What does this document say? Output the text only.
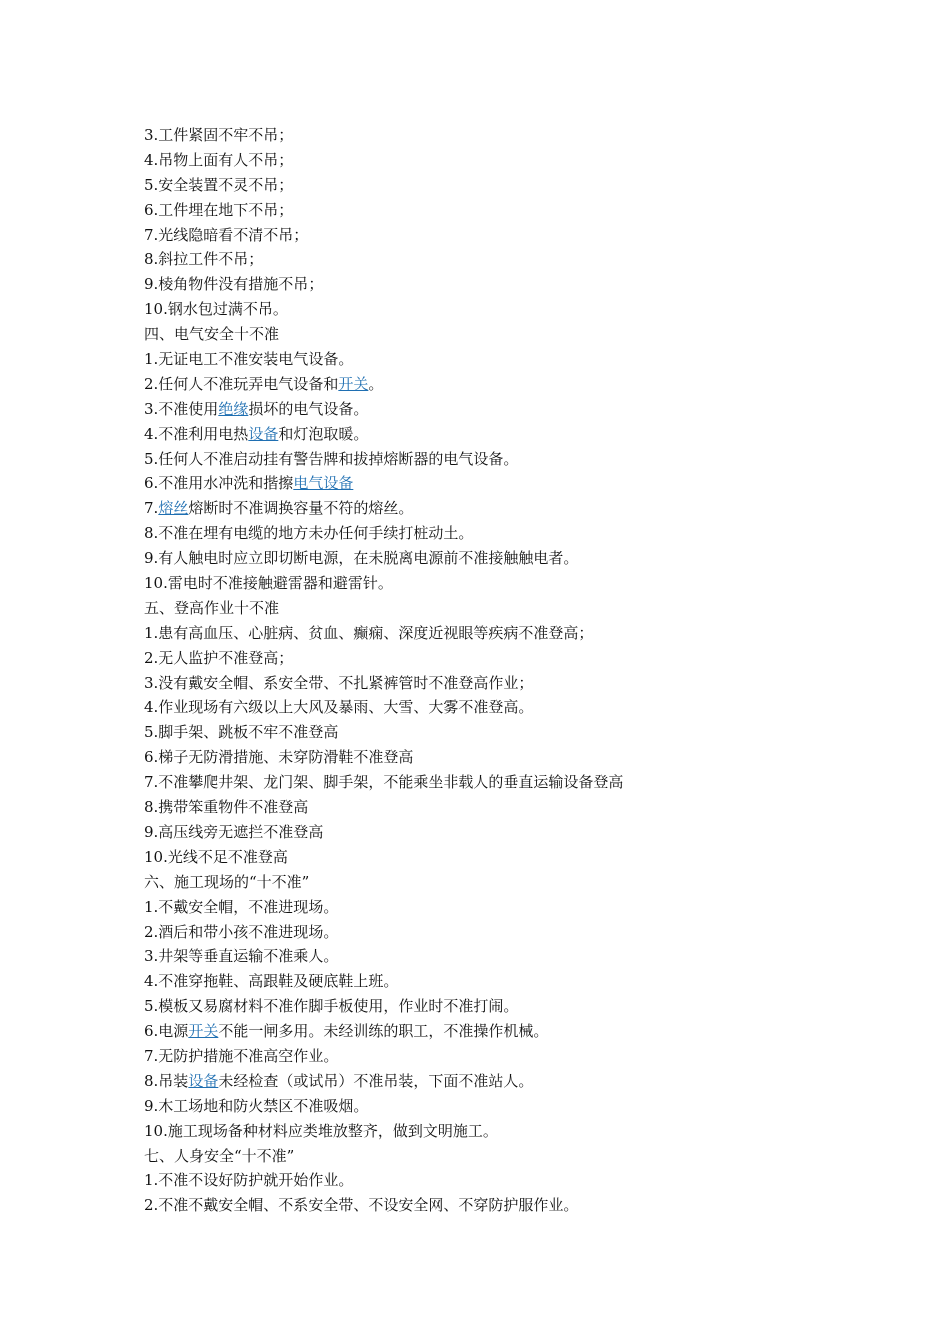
3.工件紧固不牢不吊；
4.吊物上面有人不吊；
5.安全装置不灵不吊；
6.工件埋在地下不吊；
7.光线隐暗看不清不吊；
8.斜拉工件不吊；
9.棱角物件没有措施不吊；
10.钢水包过满不吊。
四、电气安全十不准
1.无证电工不准安装电气设备。
2.任何人不准玩弄电气设备和开关。
3.不准使用绝缘损坏的电气设备。
4.不准利用电热设备和灯泡取暖。
5.任何人不准启动挂有警告牌和拔掉熔断器的电气设备。
6.不准用水冲洗和揩擦电气设备
7.熔丝熔断时不准调换容量不符的熔丝。
8.不准在埋有电缆的地方未办任何手续打桩动土。
9.有人触电时应立即切断电源，在未脱离电源前不准接触触电者。
10.雷电时不准接触避雷器和避雷针。
五、登高作业十不准
1.患有高血压、心脏病、贫血、癫痫、深度近视眼等疾病不准登高；
2.无人监护不准登高；
3.没有戴安全帽、系安全带、不扎紧裤管时不准登高作业；
4.作业现场有六级以上大风及暴雨、大雪、大雾不准登高。
5.脚手架、跳板不牢不准登高
6.梯子无防滑措施、未穿防滑鞋不准登高
7.不准攀爬井架、龙门架、脚手架，不能乘坐非载人的垂直运输设备登高
8.携带笨重物件不准登高
9.高压线旁无遮拦不准登高
10.光线不足不准登高
六、施工现场的“十不准”
1.不戴安全帽，不准进现场。
2.酒后和带小孩不准进现场。
3.井架等垂直运输不准乘人。
4.不准穿拖鞋、高跟鞋及硬底鞋上班。
5.模板又易腐材料不准作脚手板使用，作业时不准打闹。
6.电源开关不能一闸多用。未经训练的职工，不准操作机械。
7.无防护措施不准高空作业。
8.吊装设备未经检查（或试吊）不准吊装，下面不准站人。
9.木工场地和防火禁区不准吸烟。
10.施工现场备种材料应类堆放整齐，做到文明施工。
七、人身安全“十不准”
1.不准不设好防护就开始作业。
2.不准不戴安全帽、不系安全带、不设安全网、不穿防护服作业。
